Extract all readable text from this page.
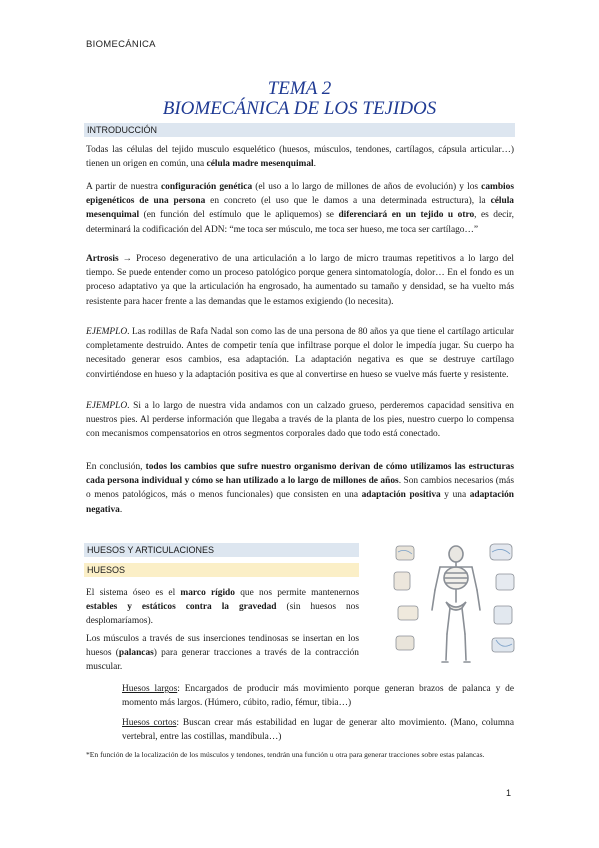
BIOMECÁNICA
TEMA 2
BIOMECÁNICA DE LOS TEJIDOS
INTRODUCCIÓN

Todas las células del tejido musculo esquelético (huesos, músculos, tendones, cartílagos, cápsula articular…) tienen un origen en común, una célula madre mesenquimal.

A partir de nuestra configuración genética (el uso a lo largo de millones de años de evolución) y los cambios epigenéticos de una persona en concreto (el uso que le damos a una determinada estructura), la célula mesenquimal (en función del estímulo que le apliquemos) se diferenciará en un tejido u otro, es decir, determinará la codificación del ADN: “me toca ser músculo, me toca ser hueso, me toca ser cartílago…”

Artrosis → Proceso degenerativo de una articulación a lo largo de micro traumas repetitivos a lo largo del tiempo. Se puede entender como un proceso patológico porque genera sintomatología, dolor… En el fondo es un proceso adaptativo ya que la articulación ha engrosado, ha aumentado su tamaño y densidad, se ha vuelto más resistente para hacer frente a las demandas que le estamos exigiendo (lo necesita).

EJEMPLO. Las rodillas de Rafa Nadal son como las de una persona de 80 años ya que tiene el cartílago articular completamente destruido. Antes de competir tenía que infiltrase porque el dolor le impedía jugar. Su cuerpo ha necesitado generar esos cambios, esa adaptación. La adaptación negativa es que se destruye cartílago convirtiéndose en hueso y la adaptación positiva es que al convertirse en hueso se vuelve más fuerte y resistente.

EJEMPLO. Si a lo largo de nuestra vida andamos con un calzado grueso, perderemos capacidad sensitiva en nuestros pies. Al perderse información que llegaba a través de la planta de los pies, nuestro cuerpo lo compensa con mecanismos compensatorios en otros segmentos corporales dado que todo está conectado.

En conclusión, todos los cambios que sufre nuestro organismo derivan de cómo utilizamos las estructuras cada persona individual y cómo se han utilizado a lo largo de millones de años. Son cambios necesarios (más o menos patológicos, más o menos funcionales) que consisten en una adaptación positiva y una adaptación negativa.

HUESOS Y ARTICULACIONES
HUESOS

El sistema óseo es el marco rígido que nos permite mantenernos estables y estáticos contra la gravedad (sin huesos nos desplomaríamos).

Los músculos a través de sus inserciones tendinosas se insertan en los huesos (palancas) para generar tracciones a través de la contracción muscular.

Huesos largos: Encargados de producir más movimiento porque generan brazos de palanca y de momento más largos. (Húmero, cúbito, radio, fémur, tibia…)

Huesos cortos: Buscan crear más estabilidad en lugar de generar alto movimiento. (Mano, columna vertebral, entre las costillas, mandíbula…)

*En función de la localización de los músculos y tendones, tendrán una función u otra para generar tracciones sobre estas palancas.

1
